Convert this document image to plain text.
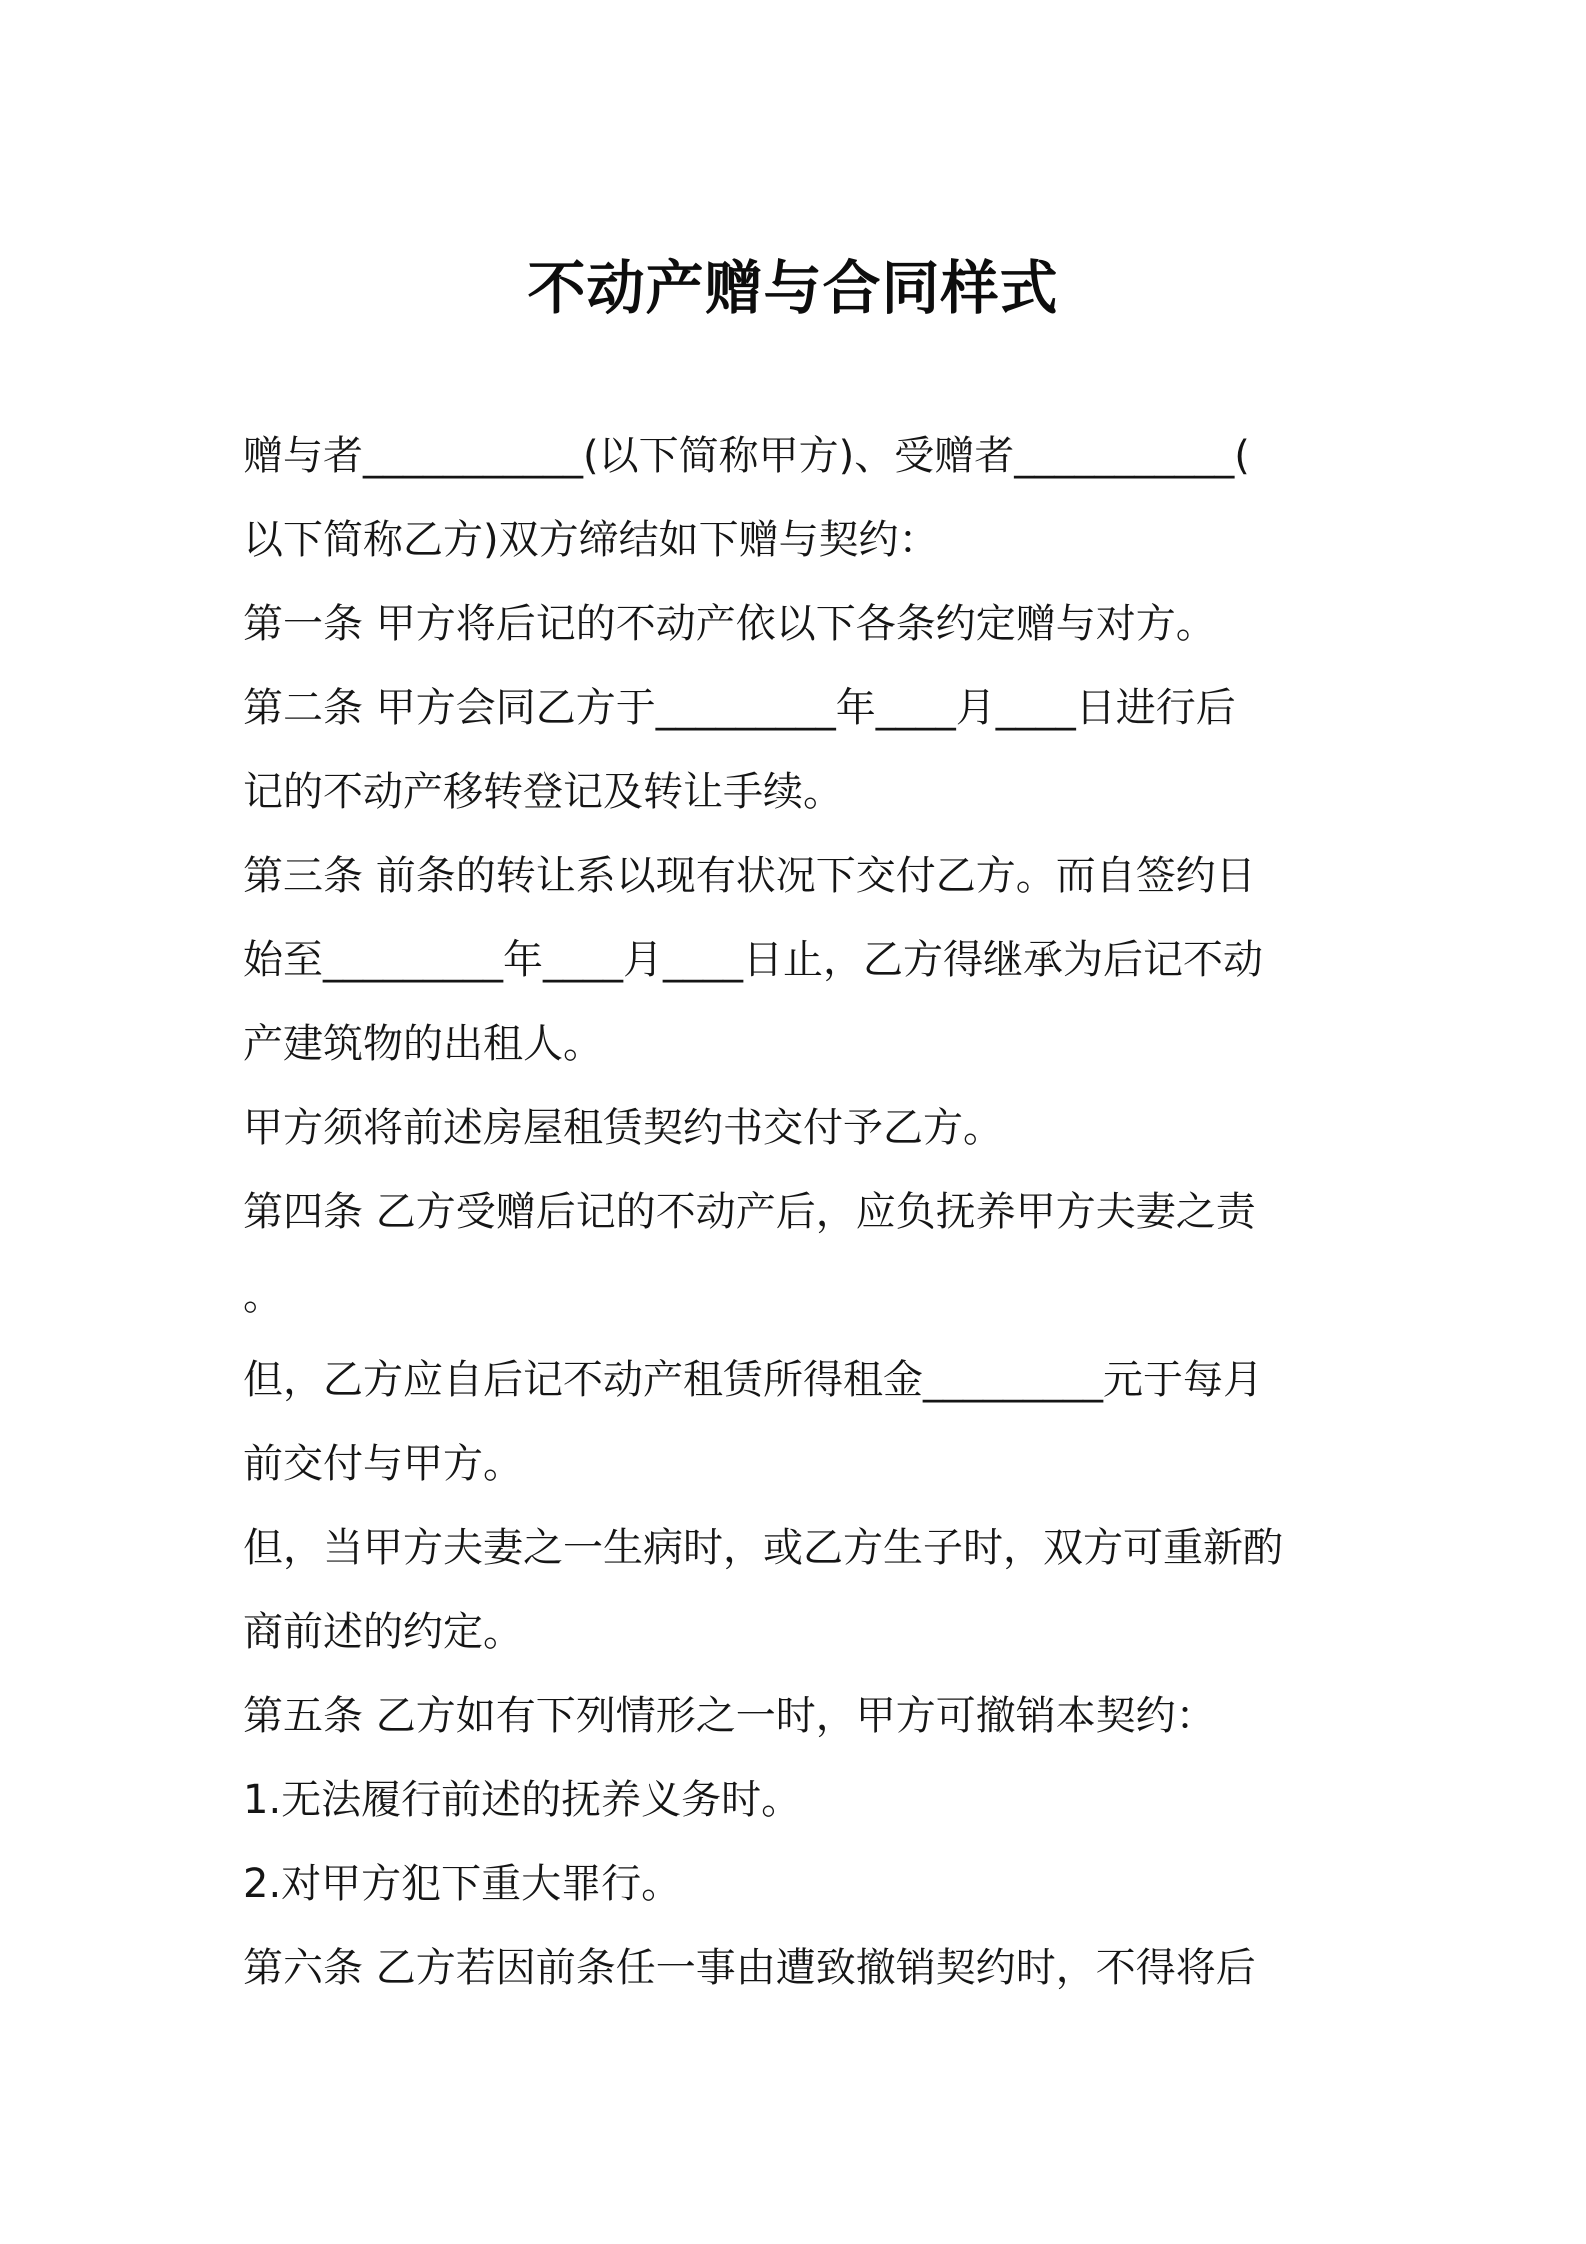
不动产赠与合同样式
赠与者___________(以下简称甲方)、受赠者___________(
以下简称乙方)双方缔结如下赠与契约：
第一条 甲方将后记的不动产依以下各条约定赠与对方。
第二条 甲方会同乙方于_________年____月____日进行后
记的不动产移转登记及转让手续。
第三条 前条的转让系以现有状况下交付乙方。而自签约日
始至_________年____月____日止，乙方得继承为后记不动
产建筑物的出租人。
甲方须将前述房屋租赁契约书交付予乙方。
第四条 乙方受赠后记的不动产后，应负抚养甲方夫妻之责
。
但，乙方应自后记不动产租赁所得租金_________元于每月
前交付与甲方。
但，当甲方夫妻之一生病时，或乙方生子时，双方可重新酌
商前述的约定。
第五条 乙方如有下列情形之一时，甲方可撤销本契约：
1.无法履行前述的抚养义务时。
2.对甲方犯下重大罪行。
第六条 乙方若因前条任一事由遭致撤销契约时，不得将后
